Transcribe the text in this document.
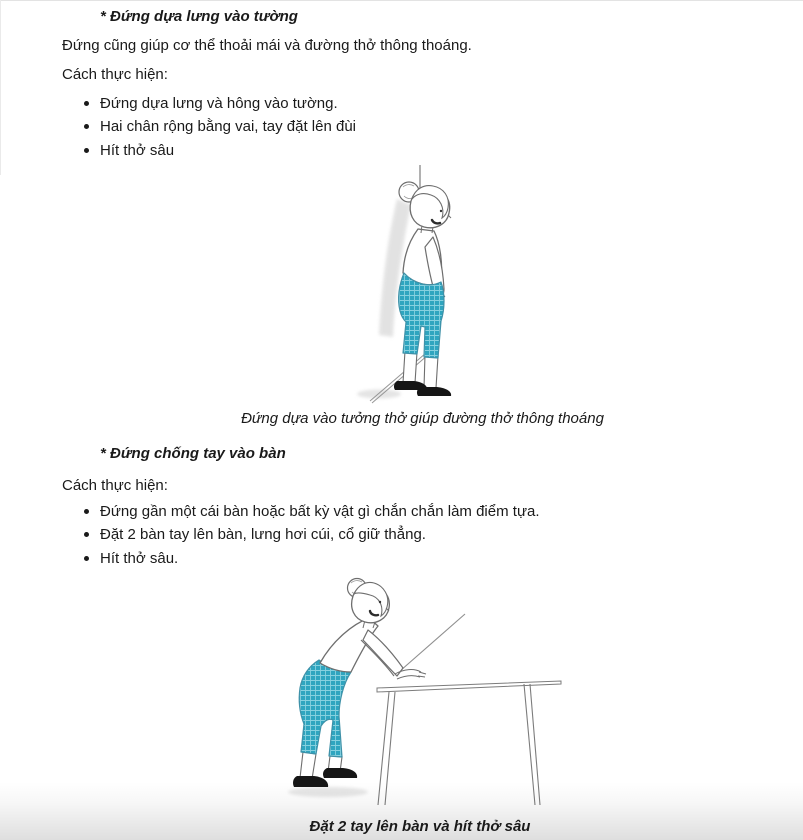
* Đứng dựa lưng vào tường

Đứng cũng giúp cơ thể thoải mái và đường thở thông thoáng.

Cách thực hiện:

Đứng dựa lưng và hông vào tường.
Hai chân rộng bằng vai, tay đặt lên đùi
Hít thở sâu

Đứng dựa vào tưởng thở giúp đường thở thông thoáng

* Đứng chống tay vào bàn

Cách thực hiện:

Đứng gần một cái bàn hoặc bất kỳ vật gì chắn chắn làm điểm tựa.
Đặt 2 bàn tay lên bàn, lưng hơi cúi, cổ giữ thẳng.
Hít thở sâu.

Đặt 2 tay lên bàn và hít thở sâu
